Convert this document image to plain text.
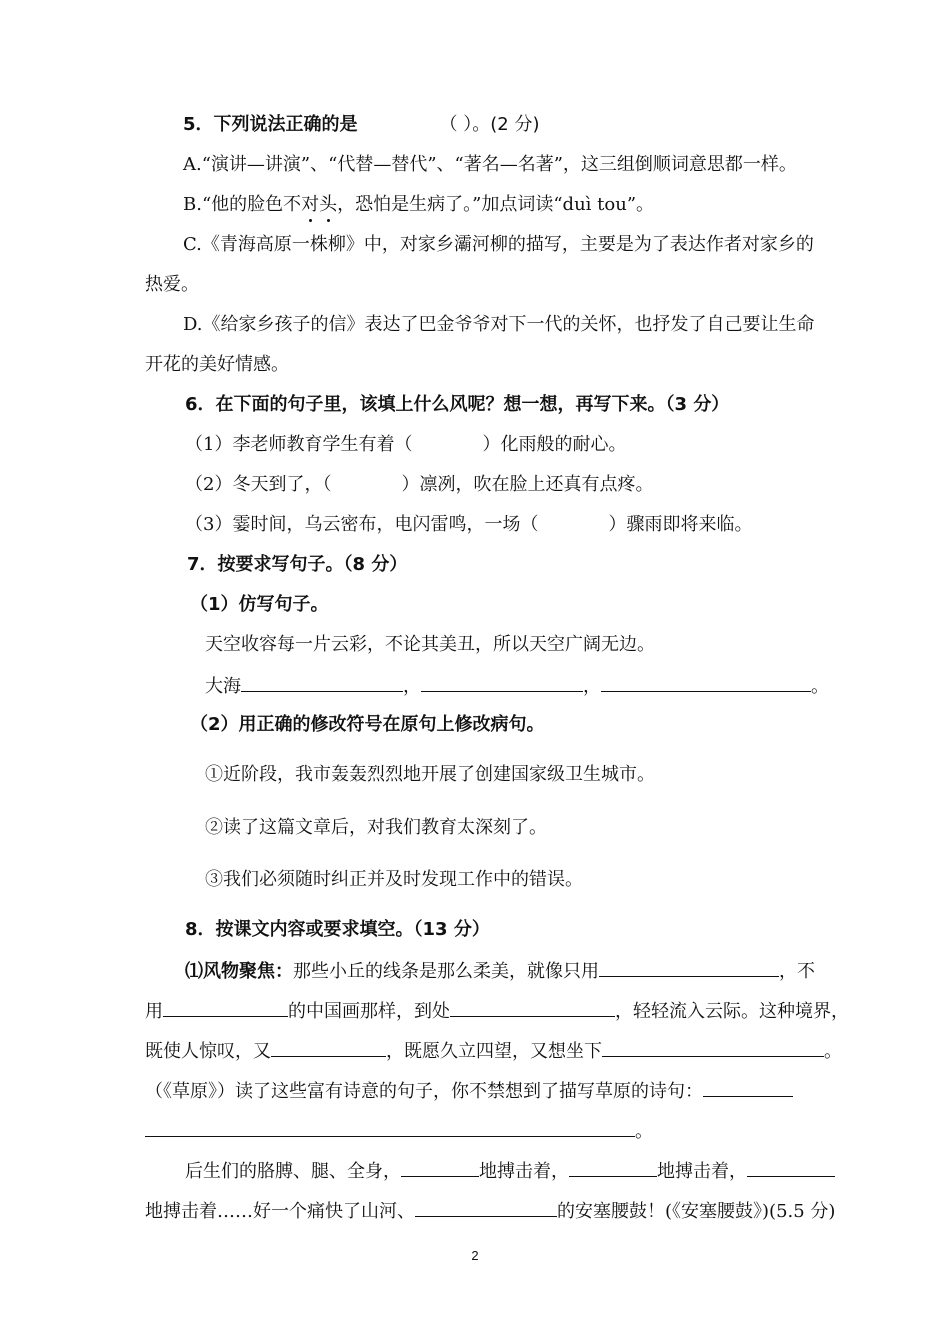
5．下列说法正确的是	（ ）。(2 分)
A.“演讲—讲演”、“代替—替代”、“著名—名著”，这三组倒顺词意思都一样。
B.“他的脸色不对头，恐怕是生病了。”加点词读“duì tou”。
C.《青海高原一株柳》中，对家乡灞河柳的描写，主要是为了表达作者对家乡的
热爱。
D.《给家乡孩子的信》表达了巴金爷爷对下一代的关怀，也抒发了自己要让生命
开花的美好情感。
6．在下面的句子里，该填上什么风呢？想一想，再写下来。（3 分）
（1）李老师教育学生有着（	）化雨般的耐心。
（2）冬天到了，（	）凛冽，吹在脸上还真有点疼。
（3）霎时间，乌云密布，电闪雷鸣，一场（	）骤雨即将来临。
7．按要求写句子。（8 分）
（1）仿写句子。
天空收容每一片云彩，不论其美丑，所以天空广阔无边。
大海	，	，	。
（2）用正确的修改符号在原句上修改病句。
①近阶段，我市轰轰烈烈地开展了创建国家级卫生城市。
②读了这篇文章后，对我们教育太深刻了。
③我们必须随时纠正并及时发现工作中的错误。
8．按课文内容或要求填空。（13 分）
⑴风物聚焦：那些小丘的线条是那么柔美，就像只用	，不
用	的中国画那样，到处	，轻轻流入云际。这种境界，
既使人惊叹，又	，既愿久立四望，又想坐下	。
（《草原》）读了这些富有诗意的句子，你不禁想到了描写草原的诗句：
。
后生们的胳膊、腿、全身，	地搏击着，	地搏击着，
地搏击着……好一个痛快了山河、	的安塞腰鼓！(《安塞腰鼓》)(5.5 分)
2
